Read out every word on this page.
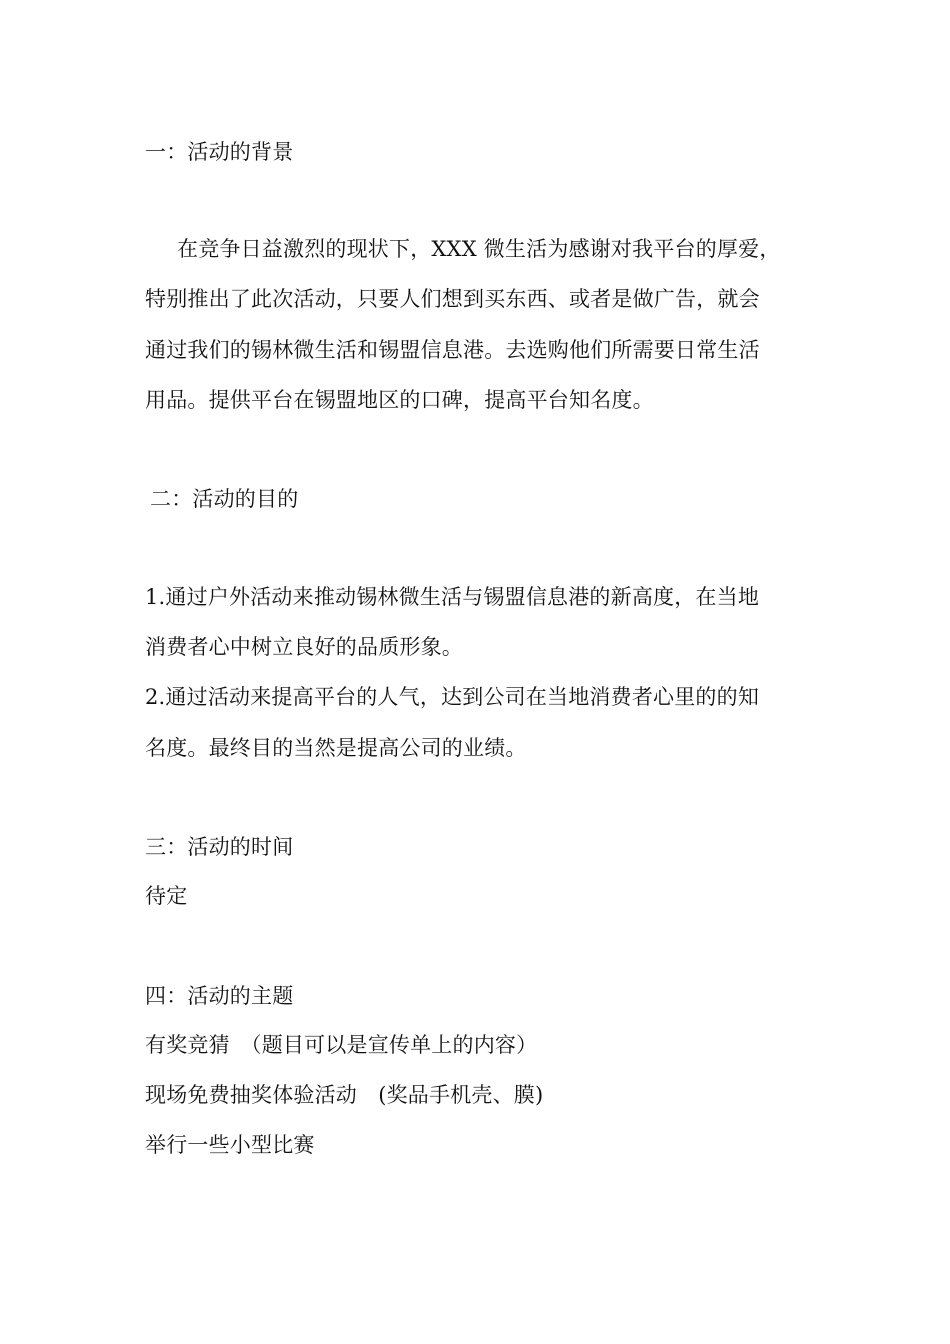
一：活动的背景
在竞争日益激烈的现状下，XXX 微生活为感谢对我平台的厚爱，
特别推出了此次活动，只要人们想到买东西、或者是做广告，就会
通过我们的锡林微生活和锡盟信息港。去选购他们所需要日常生活
用品。提供平台在锡盟地区的口碑，提高平台知名度。
二：活动的目的
1.通过户外活动来推动锡林微生活与锡盟信息港的新高度，在当地
消费者心中树立良好的品质形象。
2.通过活动来提高平台的人气，达到公司在当地消费者心里的的知
名度。最终目的当然是提高公司的业绩。
三：活动的时间
待定
四：活动的主题
有奖竞猜　（题目可以是宣传单上的内容）
现场免费抽奖体验活动　(奖品手机壳、膜)
举行一些小型比赛
